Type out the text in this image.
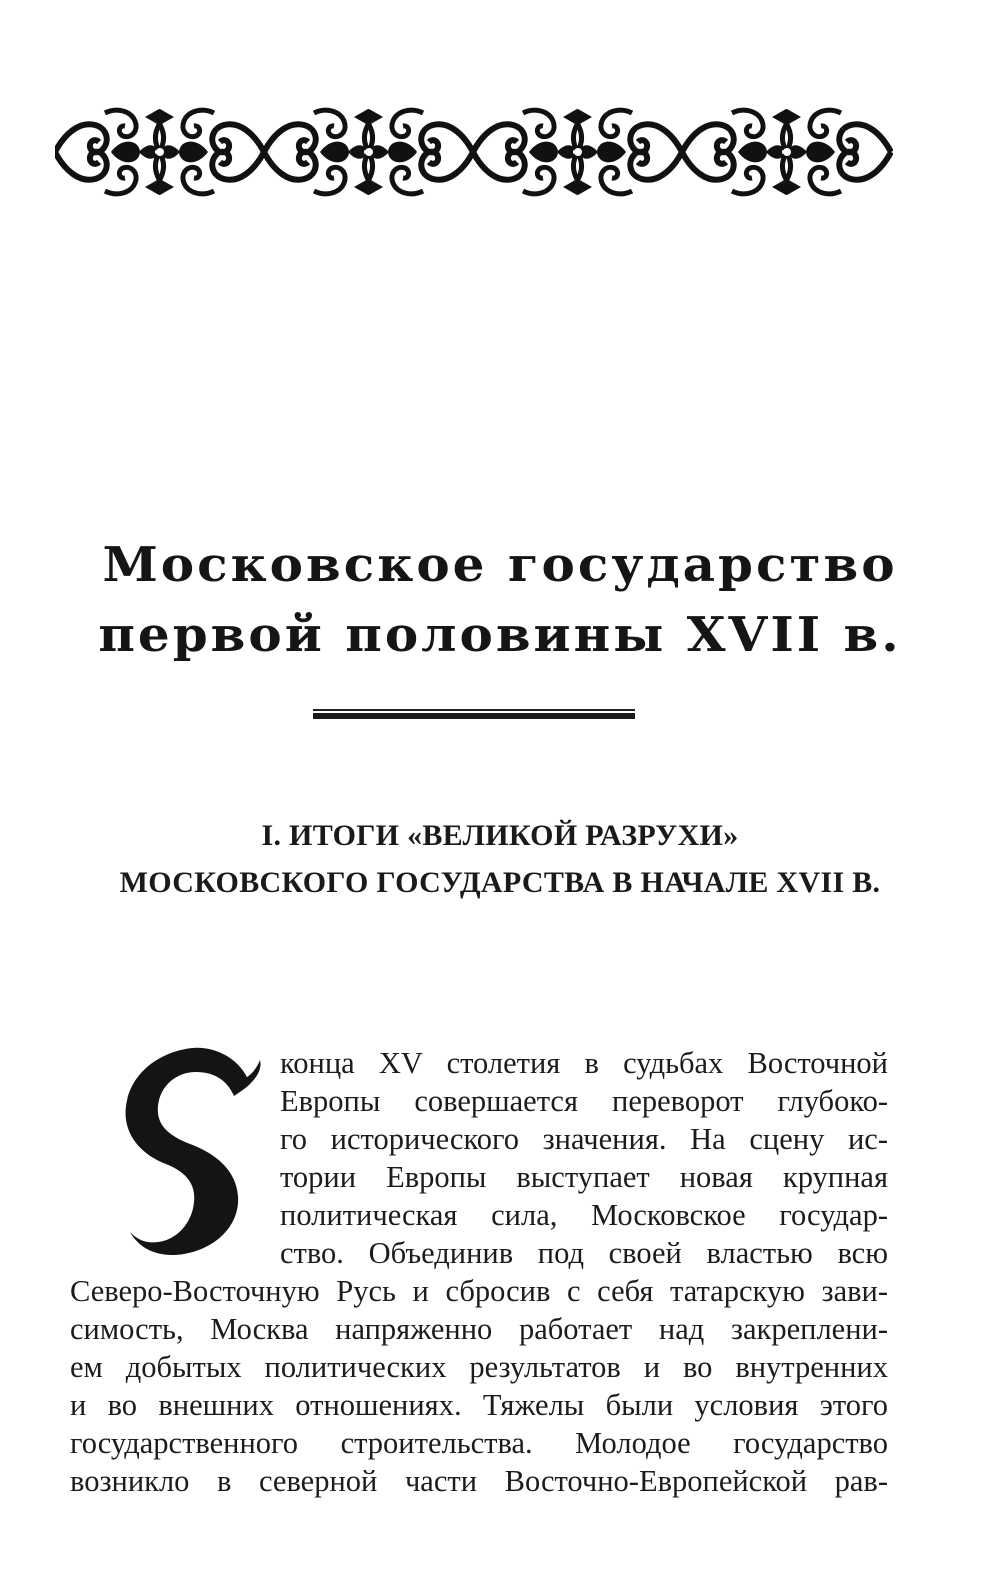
Московское государство
первой половины XVII в.
I. ИТОГИ «ВЕЛИКОЙ РАЗРУХИ»
МОСКОВСКОГО ГОСУДАРСТВА В НАЧАЛЕ XVII В.
конца XV столетия в судьбах Восточной
Европы совершается переворот глубоко-
го исторического значения. На сцену ис-
тории Европы выступает новая крупная
политическая сила, Московское государ-
ство. Объединив под своей властью всю
Северо-Восточную Русь и сбросив с себя татарскую зави-
симость, Москва напряженно работает над закреплени-
ем добытых политических результатов и во внутренних
и во внешних отношениях. Тяжелы были условия этого
государственного строительства. Молодое государство
возникло в северной части Восточно-Европейской рав-
